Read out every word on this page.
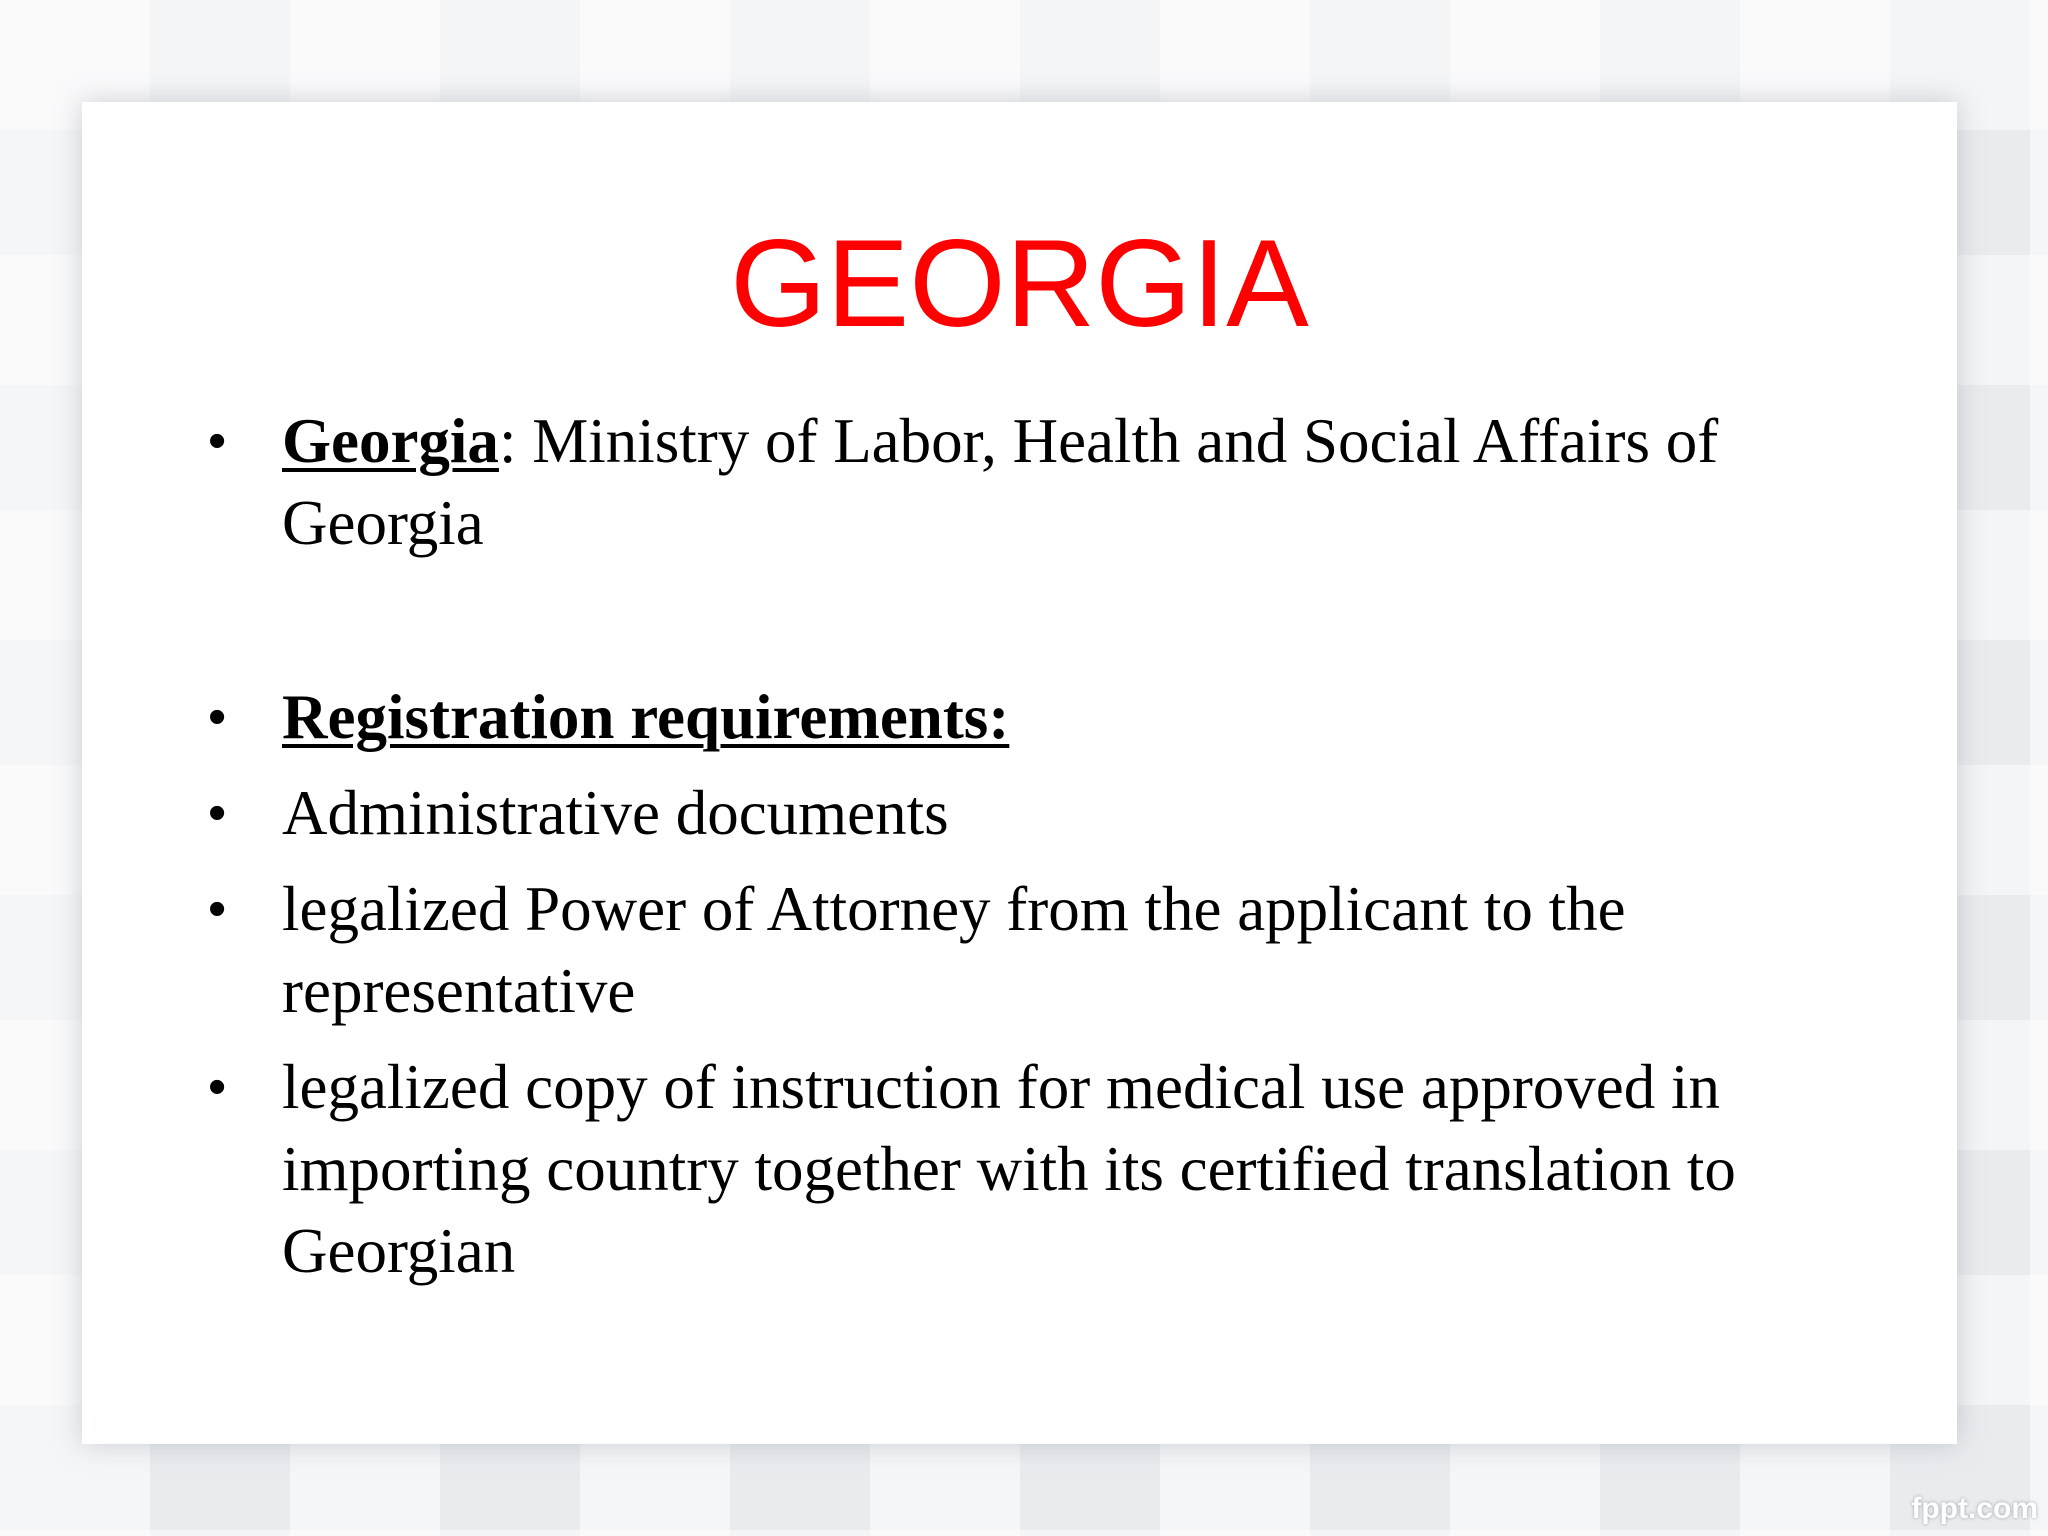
GEORGIA
• Georgia: Ministry of Labor, Health and Social Affairs of Georgia
• Registration requirements:
• Administrative documents
• legalized Power of Attorney from the applicant to the representative
• legalized copy of instruction for medical use approved in importing country together with its certified translation to Georgian
fppt.com
